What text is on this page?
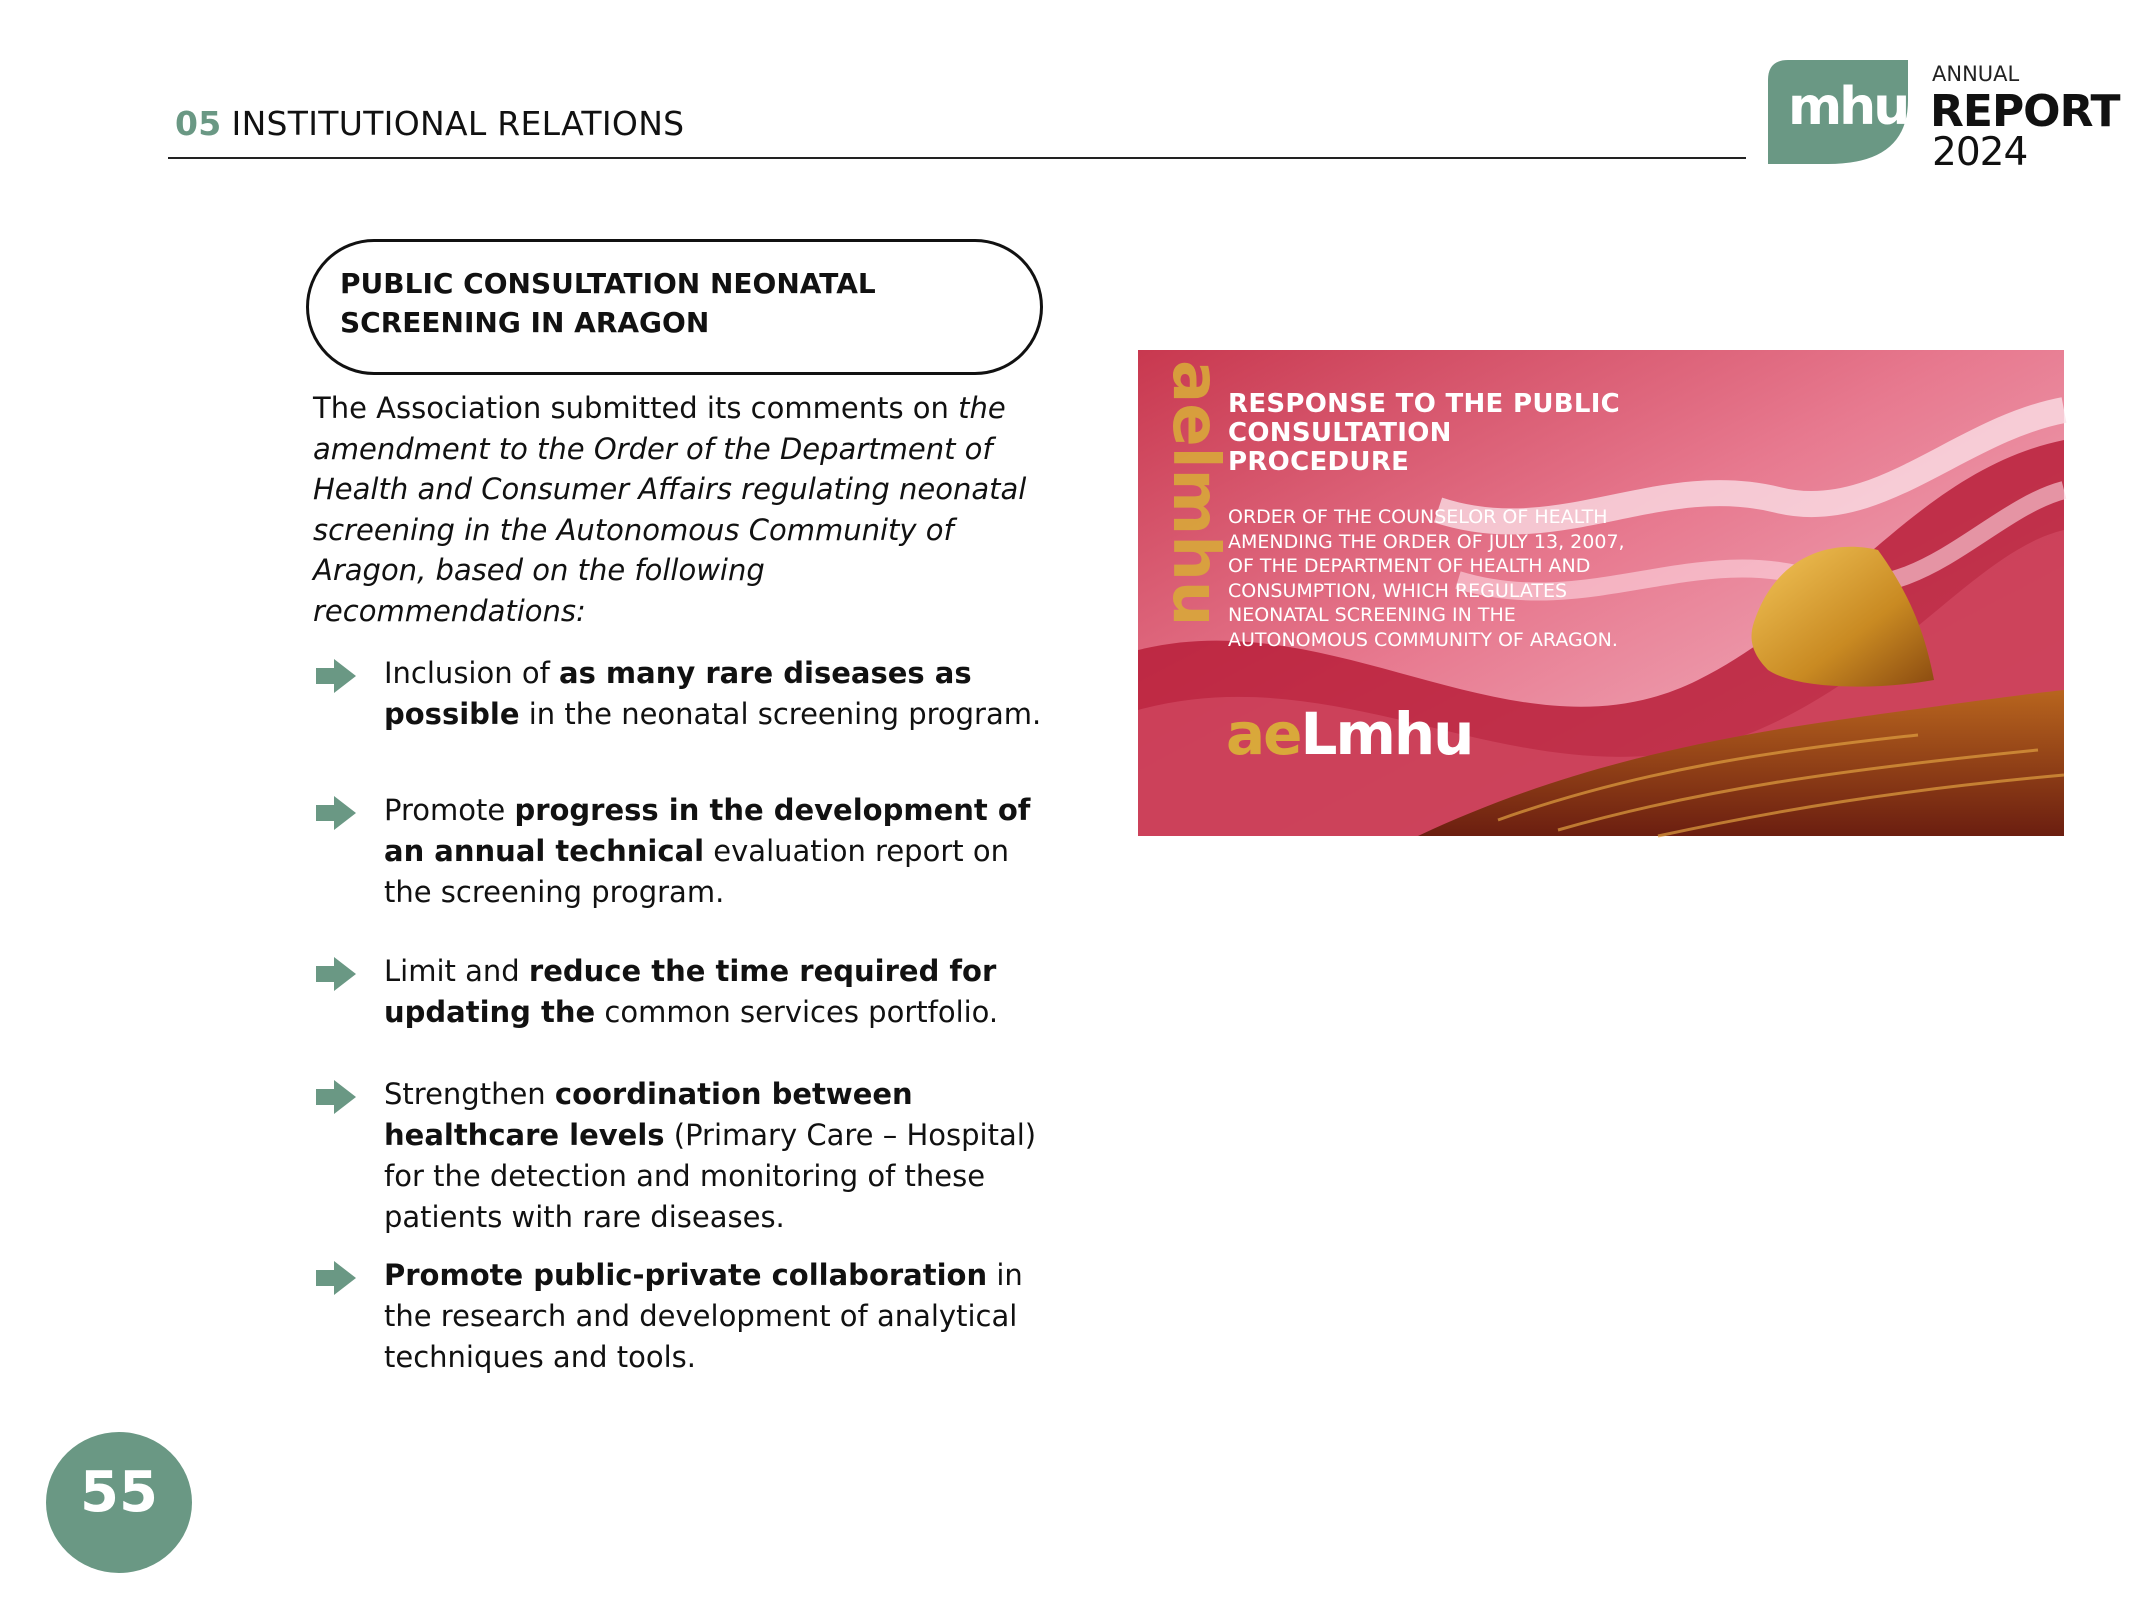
05 INSTITUTIONAL RELATIONS	mhu
ANNUAL
REPORT
2024
PUBLIC CONSULTATION NEONATAL
SCREENING IN ARAGON
The Association submitted its comments on the amendment to the Order of the Department of Health and Consumer Affairs regulating neonatal screening in the Autonomous Community of Aragon, based on the following recommendations:
Inclusion of as many rare diseases as possible in the neonatal screening program.
Promote progress in the development of an annual technical evaluation report on the screening program.
Limit and reduce the time required for updating the common services portfolio.
Strengthen coordination between healthcare levels (Primary Care – Hospital) for the detection and monitoring of these patients with rare diseases.
Promote public-private collaboration in the research and development of analytical techniques and tools.
aelmhu
RESPONSE TO THE PUBLIC CONSULTATION PROCEDURE
ORDER OF THE COUNSELOR OF HEALTH AMENDING THE ORDER OF JULY 13, 2007, OF THE DEPARTMENT OF HEALTH AND CONSUMPTION, WHICH REGULATES NEONATAL SCREENING IN THE AUTONOMOUS COMMUNITY OF ARAGON.
aeLmhu
55
